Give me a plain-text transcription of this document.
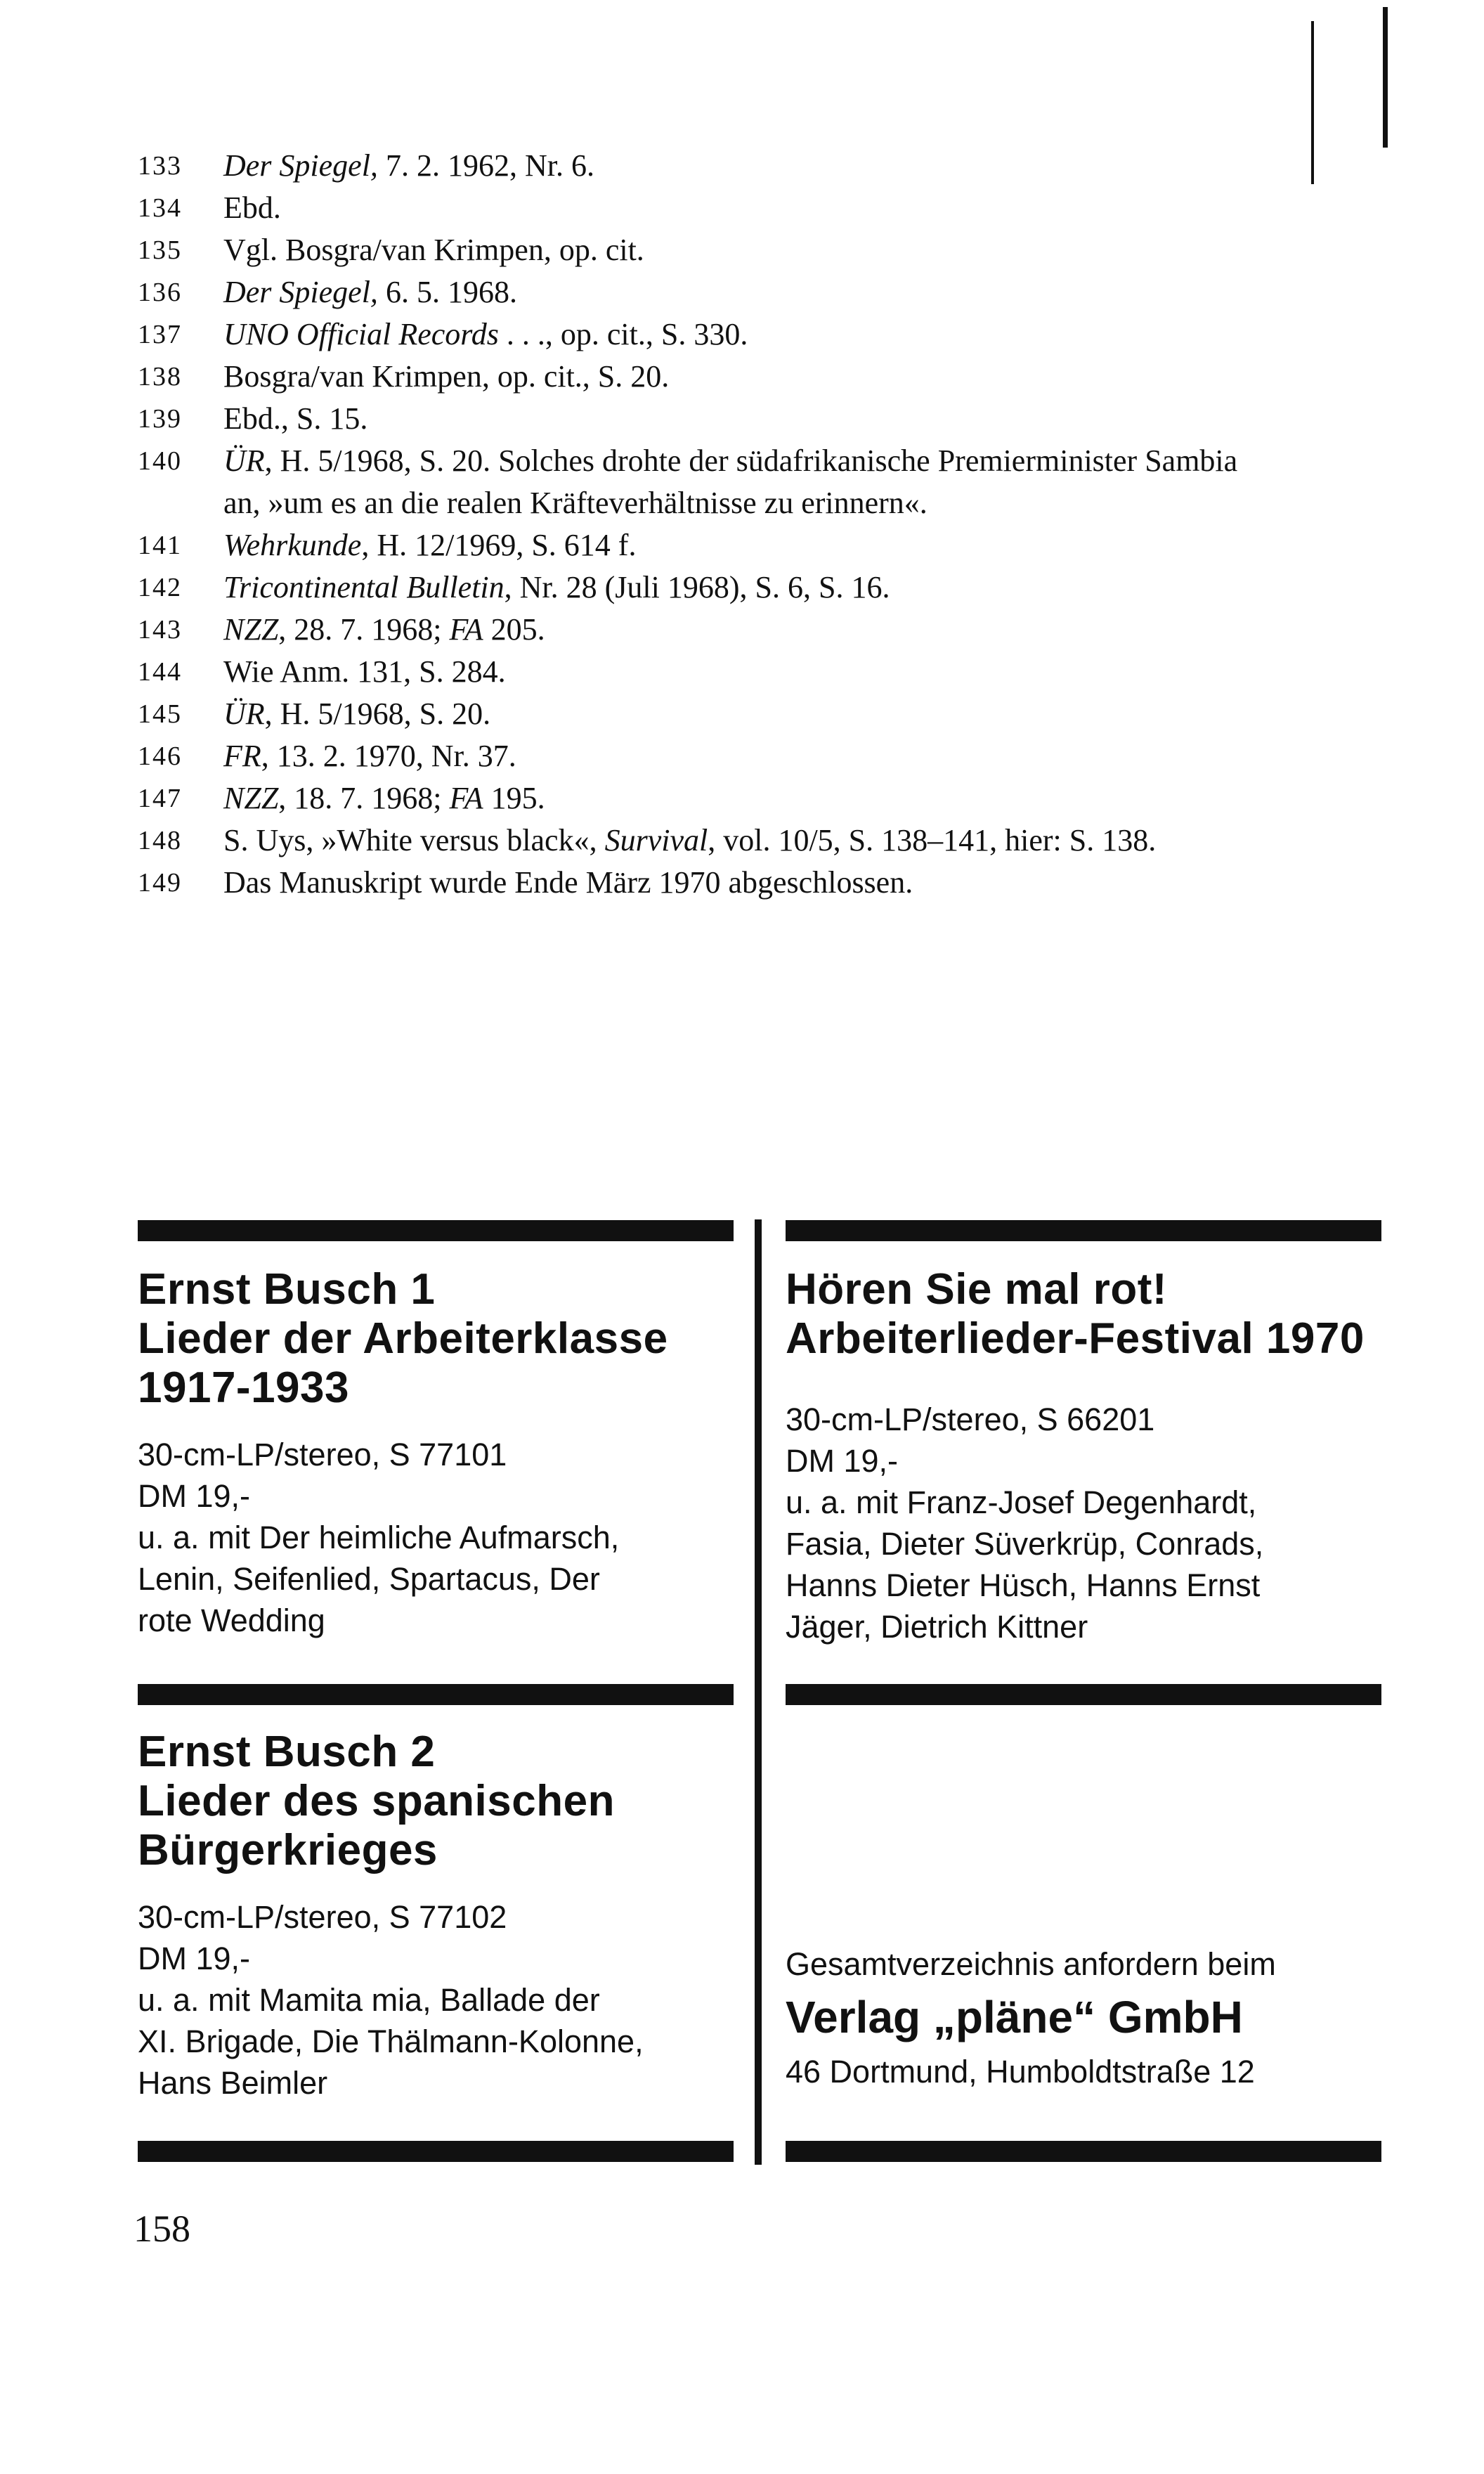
133	Der Spiegel, 7. 2. 1962, Nr. 6.
134	Ebd.
135	Vgl. Bosgra/van Krimpen, op. cit.
136	Der Spiegel, 6. 5. 1968.
137	UNO Official Records . . ., op. cit., S. 330.
138	Bosgra/van Krimpen, op. cit., S. 20.
139	Ebd., S. 15.
140	ÜR, H. 5/1968, S. 20. Solches drohte der südafrikanische Premierminister Sambia
an, »um es an die realen Kräfteverhältnisse zu erinnern«.
141	Wehrkunde, H. 12/1969, S. 614 f.
142	Tricontinental Bulletin, Nr. 28 (Juli 1968), S. 6, S. 16.
143	NZZ, 28. 7. 1968; FA 205.
144	Wie Anm. 131, S. 284.
145	ÜR, H. 5/1968, S. 20.
146	FR, 13. 2. 1970, Nr. 37.
147	NZZ, 18. 7. 1968; FA 195.
148	S. Uys, »White versus black«, Survival, vol. 10/5, S. 138–141, hier: S. 138.
149	Das Manuskript wurde Ende März 1970 abgeschlossen.
Ernst Busch 1
Lieder der Arbeiterklasse
1917-1933

30-cm-LP/stereo, S 77101

DM 19,-

u. a. mit Der heimliche Aufmarsch,
Lenin, Seifenlied, Spartacus, Der
rote Wedding

Hören Sie mal rot!
Arbeiterlieder-Festival 1970

30-cm-LP/stereo, S 66201

DM 19,-

u. a. mit Franz-Josef Degenhardt,
Fasia, Dieter Süverkrüp, Conrads,
Hanns Dieter Hüsch, Hanns Ernst
Jäger, Dietrich Kittner

Ernst Busch 2
Lieder des spanischen
Bürgerkrieges

30-cm-LP/stereo, S 77102

DM 19,-

u. a. mit Mamita mia, Ballade der
XI. Brigade, Die Thälmann-Kolonne,
Hans Beimler

Gesamtverzeichnis anfordern beim

Verlag „pläne“ GmbH

46 Dortmund, Humboldtstraße 12

158
